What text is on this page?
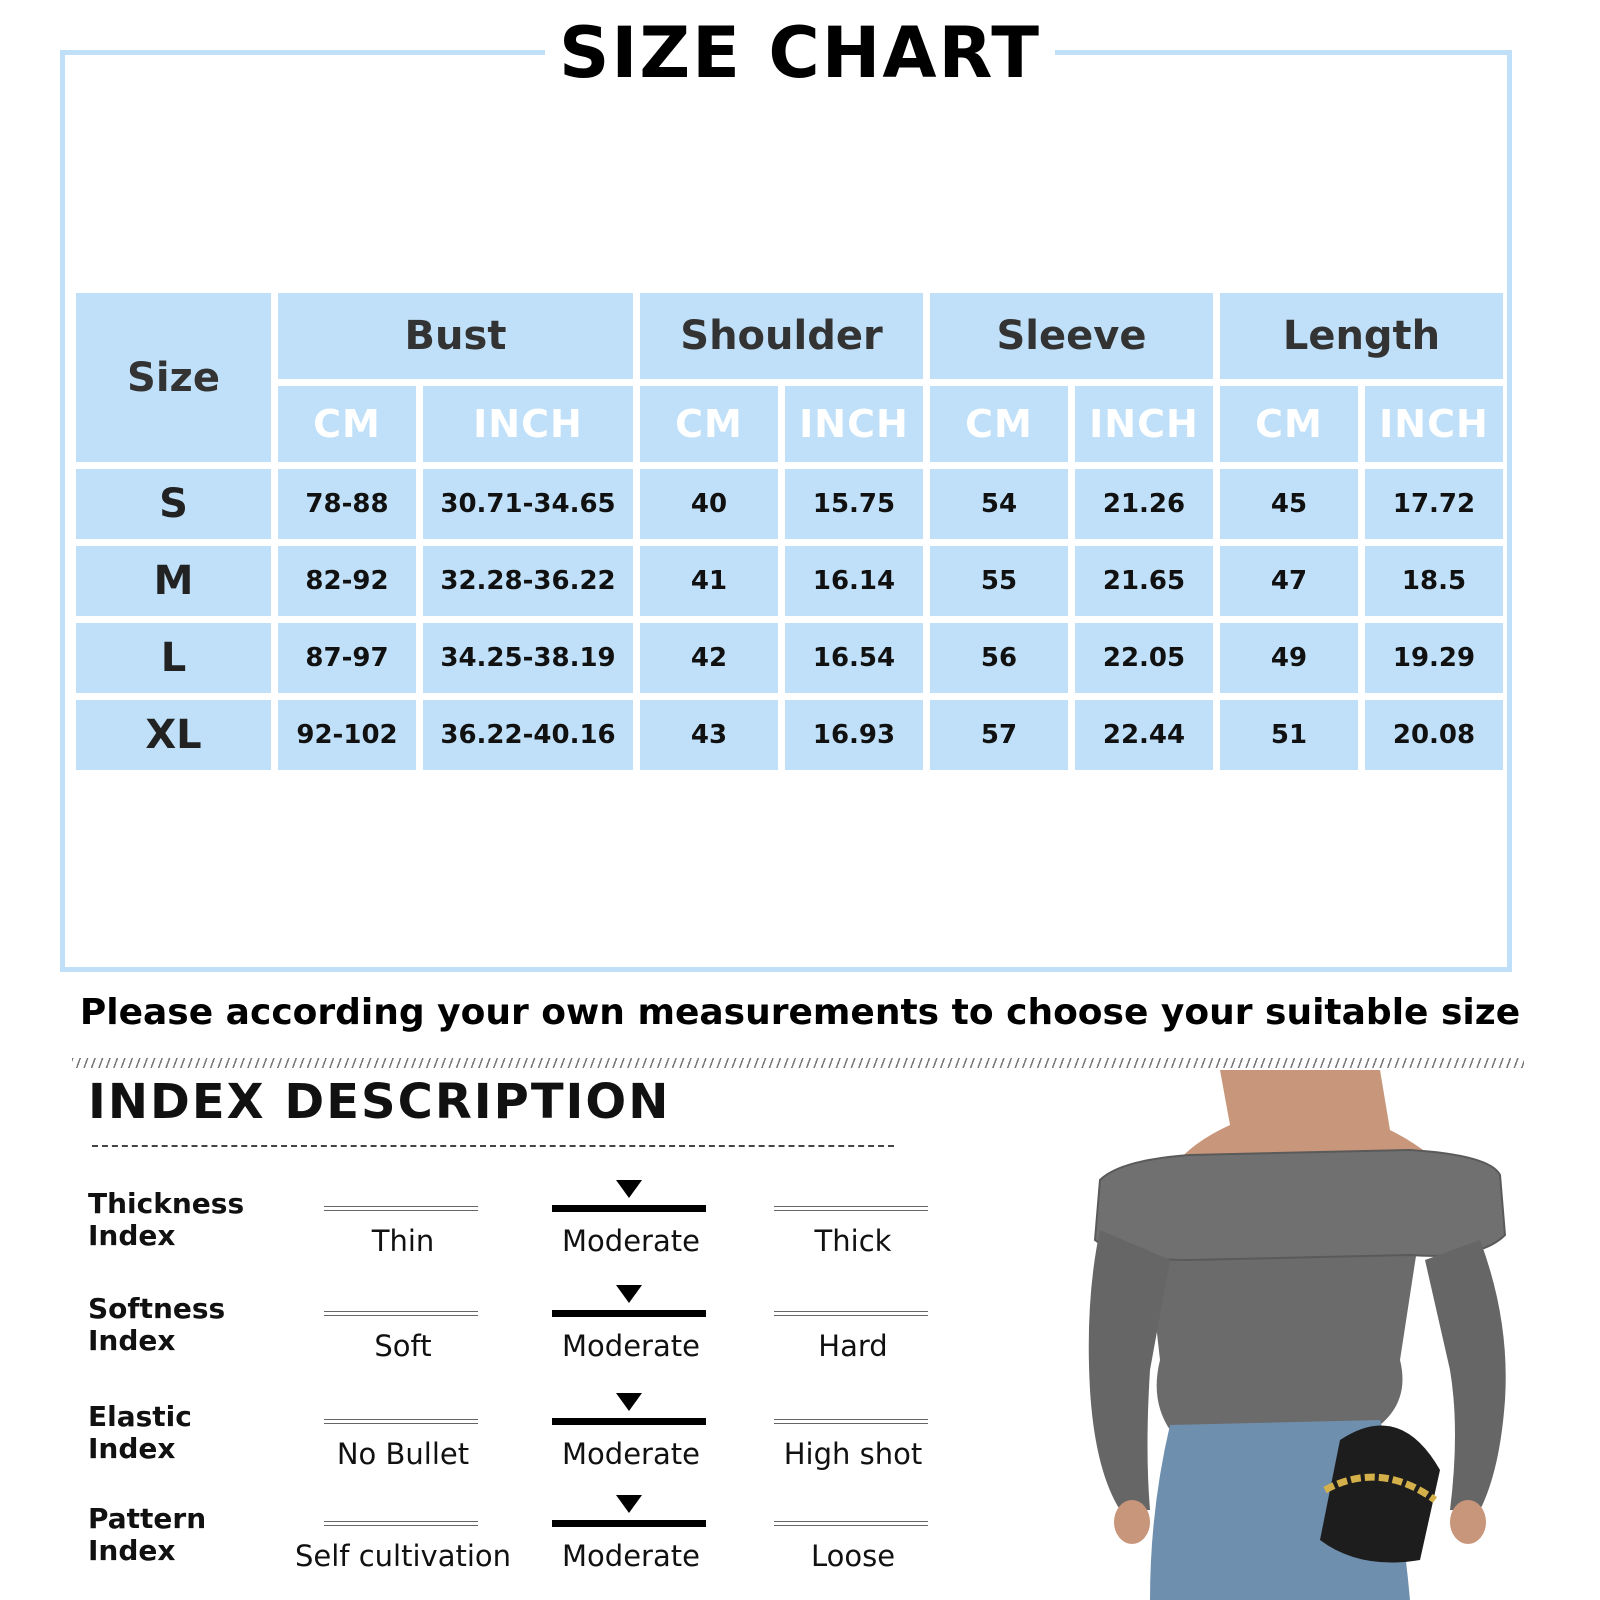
SIZE CHART
Size	Bust		Shoulder		Sleeve		Length	
	CM	INCH	CM	INCH	CM	INCH	CM	INCH
S	78-88	30.71-34.65	40	15.75	54	21.26	45	17.72
M	82-92	32.28-36.22	41	16.14	55	21.65	47	18.5
L	87-97	34.25-38.19	42	16.54	56	22.05	49	19.29
XL	92-102	36.22-40.16	43	16.93	57	22.44	51	20.08
Please according your own measurements to choose your suitable size
INDEX DESCRIPTION
Thickness Index	Thin	Moderate	Thick
Softness Index	Soft	Moderate	Hard
Elastic Index	No Bullet	Moderate	High shot
Pattern Index	Self cultivation	Moderate	Loose
